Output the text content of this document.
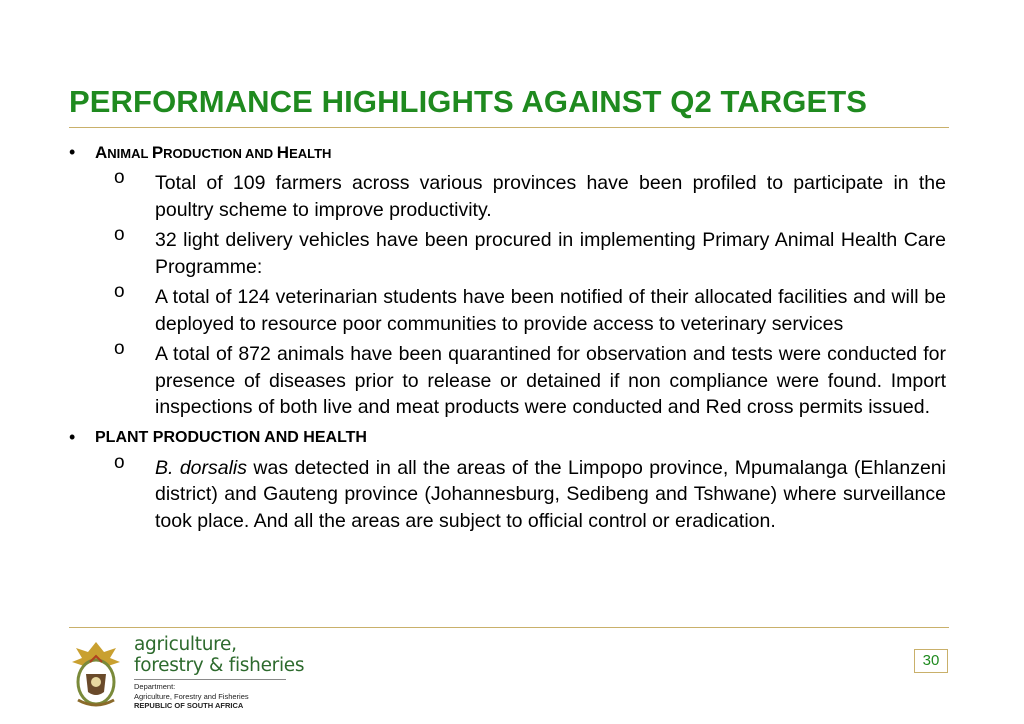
PERFORMANCE HIGHLIGHTS AGAINST Q2 TARGETS
•	ANIMAL PRODUCTION AND HEALTH
o	Total of 109 farmers across various provinces have been profiled to participate in the poultry scheme to improve productivity.
o	32 light delivery vehicles have been procured in implementing Primary Animal Health Care Programme:
o	A total of 124 veterinarian students have been notified of their allocated facilities and will be deployed to resource poor communities to provide access to veterinary services
o	A total of 872 animals have been quarantined for observation and tests were conducted for presence of diseases prior to release or detained if non compliance were found. Import inspections of both live and meat products were conducted and Red cross permits issued.
•	PLANT PRODUCTION AND HEALTH
o	B. dorsalis was detected in all the areas of the Limpopo province, Mpumalanga (Ehlanzeni district) and Gauteng province (Johannesburg, Sedibeng and Tshwane) where surveillance took place. And all the areas are subject to official control or eradication.
agriculture,
forestry & fisheries
Department:
Agriculture, Forestry and Fisheries
REPUBLIC OF SOUTH AFRICA
30
